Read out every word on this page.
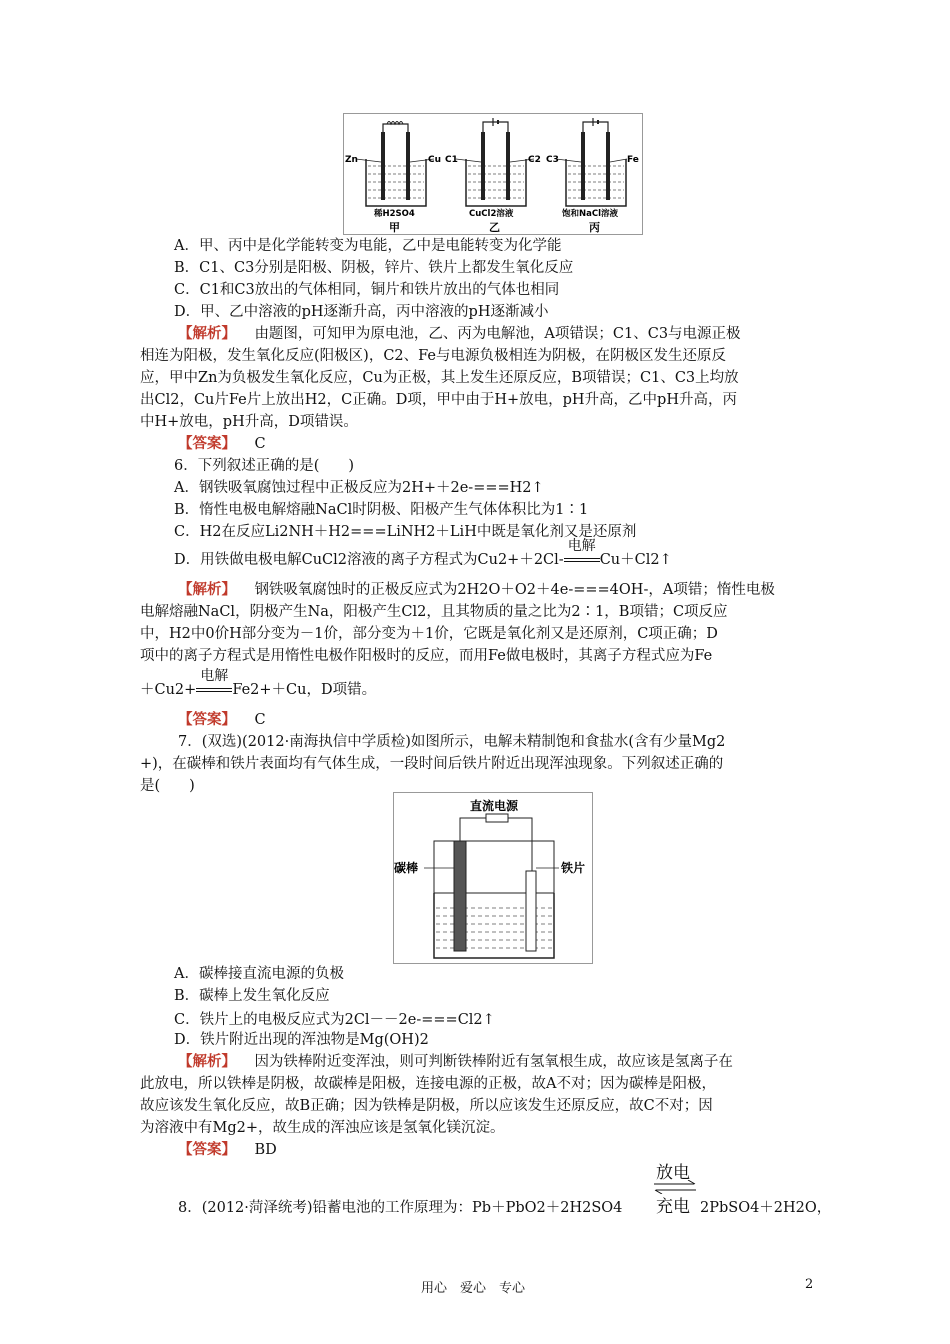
Zn	Cu
稀H2SO4
甲
C1	C2
CuCl2溶液
乙
C3	Fe
饱和NaCl溶液
丙
A．甲、丙中是化学能转变为电能，乙中是电能转变为化学能
B．C1、C3分别是阳极、阴极，锌片、铁片上都发生氧化反应
C．C1和C3放出的气体相同，铜片和铁片放出的气体也相同
D．甲、乙中溶液的pH逐渐升高，丙中溶液的pH逐渐减小
【解析】 由题图，可知甲为原电池，乙、丙为电解池，A项错误；C1、C3与电源正极
相连为阳极，发生氧化反应(阳极区)，C2、Fe与电源负极相连为阴极，在阴极区发生还原反
应，甲中Zn为负极发生氧化反应，Cu为正极，其上发生还原反应，B项错误；C1、C3上均放
出Cl2，Cu片Fe片上放出H2，C正确。D项，甲中由于H+放电，pH升高，乙中pH升高，丙
中H+放电，pH升高，D项错误。
【答案】 C
6．下列叙述正确的是(　　)
A．钢铁吸氧腐蚀过程中正极反应为2H+＋2e-===H2↑
B．惰性电极电解熔融NaCl时阴极、阳极产生气体体积比为1∶1
C．H2在反应Li2NH＋H2===LiNH2＋LiH中既是氧化剂又是还原剂
D．用铁做电极电解CuCl2溶液的离子方程式为Cu2+＋2Cl-
电解
Cu＋Cl2↑
【解析】 钢铁吸氧腐蚀时的正极反应式为2H2O＋O2＋4e-===4OH-，A项错；惰性电极
电解熔融NaCl，阴极产生Na，阳极产生Cl2，且其物质的量之比为2∶1，B项错；C项反应
中，H2中0价H部分变为－1价，部分变为＋1价，它既是氧化剂又是还原剂，C项正确；D
项中的离子方程式是用惰性电极作阳极时的反应，而用Fe做电极时，其离子方程式应为Fe
＋Cu2+
电解
Fe2+＋Cu，D项错。
【答案】 C
7．(双选)(2012·南海执信中学质检)如图所示，电解未精制饱和食盐水(含有少量Mg2
+)，在碳棒和铁片表面均有气体生成，一段时间后铁片附近出现浑浊现象。下列叙述正确的
是(　　)
直流电源
碳棒	铁片
A．碳棒接直流电源的负极
B．碳棒上发生氧化反应
C．铁片上的电极反应式为2Cl－－2e-===Cl2↑
D．铁片附近出现的浑浊物是Mg(OH)2
【解析】 因为铁棒附近变浑浊，则可判断铁棒附近有氢氧根生成，故应该是氢离子在
此放电，所以铁棒是阴极，故碳棒是阳极，连接电源的正极，故A不对；因为碳棒是阳极，
故应该发生氧化反应，故B正确；因为铁棒是阴极，所以应该发生还原反应，故C不对；因
为溶液中有Mg2+，故生成的浑浊应该是氢氧化镁沉淀。
【答案】 BD
8．(2012·菏泽统考)铅蓄电池的工作原理为：Pb＋PbO2＋2H2SO4
放电
充电 2PbSO4＋2H2O，
用心　爱心　专心	2
